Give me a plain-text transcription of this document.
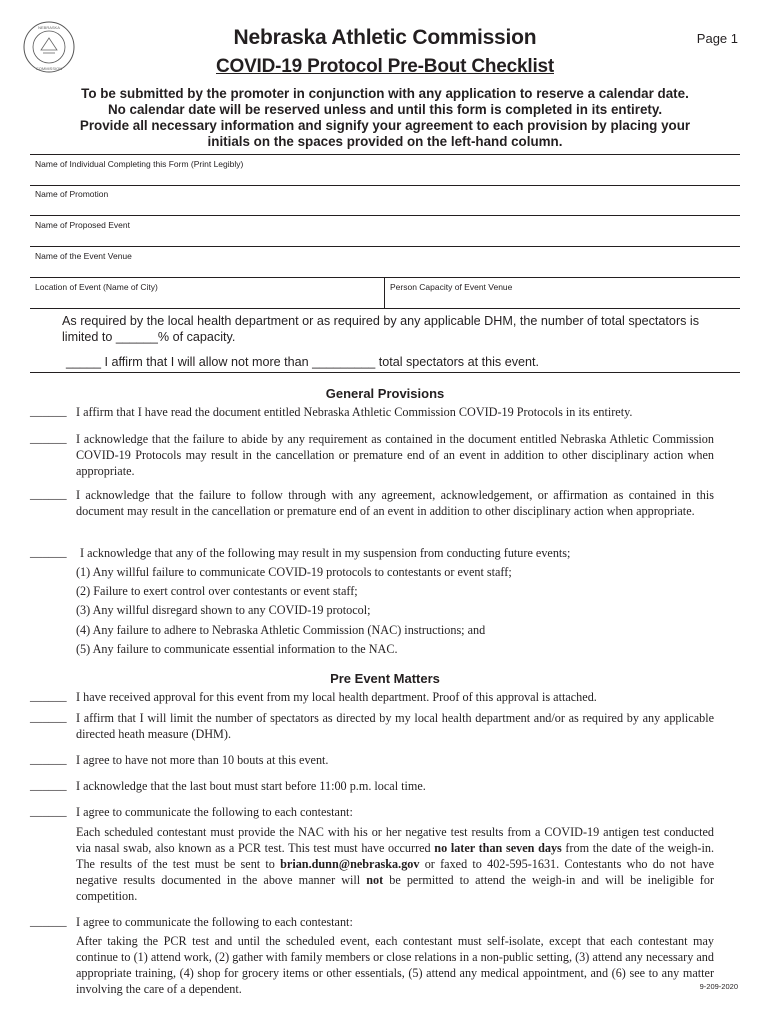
NEBRASKA
COMMISSION
Nebraska Athletic Commission
COVID-19 Protocol Pre-Bout Checklist
Page 1
To be submitted by the promoter in conjunction with any application to reserve a calendar date.
No calendar date will be reserved unless and until this form is completed in its entirety.
Provide all necessary information and signify your agreement to each provision by placing your
initials on the spaces provided on the left-hand column.
Name of Individual Completing this Form (Print Legibly)
Name of Promotion
Name of Proposed Event
Name of the Event Venue
Location of Event (Name of City)	Person Capacity of Event Venue
As required by the local health department or as required by any applicable DHM, the number of total spectators is limited to ______% of capacity.
_____ I affirm that I will allow not more than _________ total spectators at this event.
General Provisions
______ I affirm that I have read the document entitled Nebraska Athletic Commission COVID-19 Protocols in its entirety.
______ I acknowledge that the failure to abide by any requirement as contained in the document entitled Nebraska Athletic Commission COVID-19 Protocols may result in the cancellation or premature end of an event in addition to other disciplinary action when appropriate.
______ I acknowledge that the failure to follow through with any agreement, acknowledgement, or affirmation as contained in this document may result in the cancellation or premature end of an event in addition to other disciplinary action when appropriate.
______ I acknowledge that any of the following may result in my suspension from conducting future events;
(1) Any willful failure to communicate COVID-19 protocols to contestants or event staff;
(2) Failure to exert control over contestants or event staff;
(3) Any willful disregard shown to any COVID-19 protocol;
(4) Any failure to adhere to Nebraska Athletic Commission (NAC) instructions; and
(5) Any failure to communicate essential information to the NAC.
Pre Event Matters
______ I have received approval for this event from my local health department. Proof of this approval is attached.
______ I affirm that I will limit the number of spectators as directed by my local health department and/or as required by any applicable directed heath measure (DHM).
______ I agree to have not more than 10 bouts at this event.
______ I acknowledge that the last bout must start before 11:00 p.m. local time.
______ I agree to communicate the following to each contestant:
Each scheduled contestant must provide the NAC with his or her negative test results from a COVID-19 antigen test conducted via nasal swab, also known as a PCR test. This test must have occurred no later than seven days from the date of the weigh-in. The results of the test must be sent to brian.dunn@nebraska.gov or faxed to 402-595-1631. Contestants who do not have negative results documented in the above manner will not be permitted to attend the weigh-in and will be ineligible for competition.
______ I agree to communicate the following to each contestant:
After taking the PCR test and until the scheduled event, each contestant must self-isolate, except that each contestant may continue to (1) attend work, (2) gather with family members or close relations in a non-public setting, (3) attend any necessary and appropriate training, (4) shop for grocery items or other essentials, (5) attend any medical appointment, and (6) see to any matter involving the care of a dependent.	9-209-2020
